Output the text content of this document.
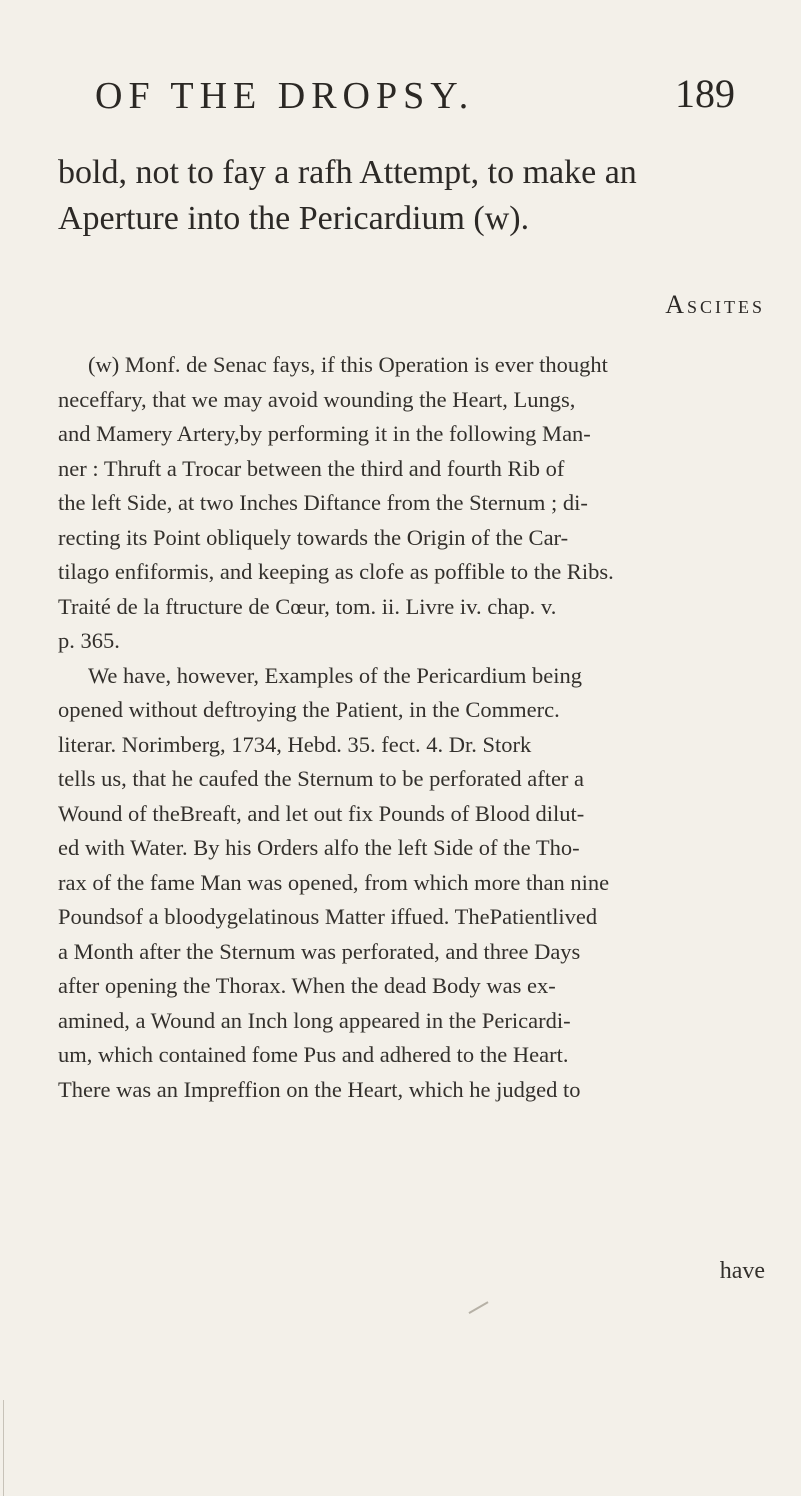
OF THE DROPSY.	189
bold, not to fay a rafh Attempt, to make an
Aperture into the Pericardium (w).
Ascites
(w) Monf. de Senac fays, if this Operation is ever thought
neceffary, that we may avoid wounding the Heart, Lungs,
and Mamery Artery,by performing it in the following Man-
ner : Thruft a Trocar between the third and fourth Rib of
the left Side, at two Inches Diftance from the Sternum ; di-
recting its Point obliquely towards the Origin of the Car-
tilago enfiformis, and keeping as clofe as poffible to the Ribs.
Traité de la ftructure de Cœur, tom. ii. Livre iv. chap. v.
p. 365.
We have, however, Examples of the Pericardium being
opened without deftroying the Patient, in the Commerc.
literar. Norimberg, 1734, Hebd. 35. fect. 4. Dr. Stork
tells us, that he caufed the Sternum to be perforated after a
Wound of theBreaft, and let out fix Pounds of Blood dilut-
ed with Water. By his Orders alfo the left Side of the Tho-
rax of the fame Man was opened, from which more than nine
Poundsof a bloodygelatinous Matter iffued. ThePatientlived
a Month after the Sternum was perforated, and three Days
after opening the Thorax. When the dead Body was ex-
amined, a Wound an Inch long appeared in the Pericardi-
um, which contained fome Pus and adhered to the Heart.
There was an Impreffion on the Heart, which he judged to
have
